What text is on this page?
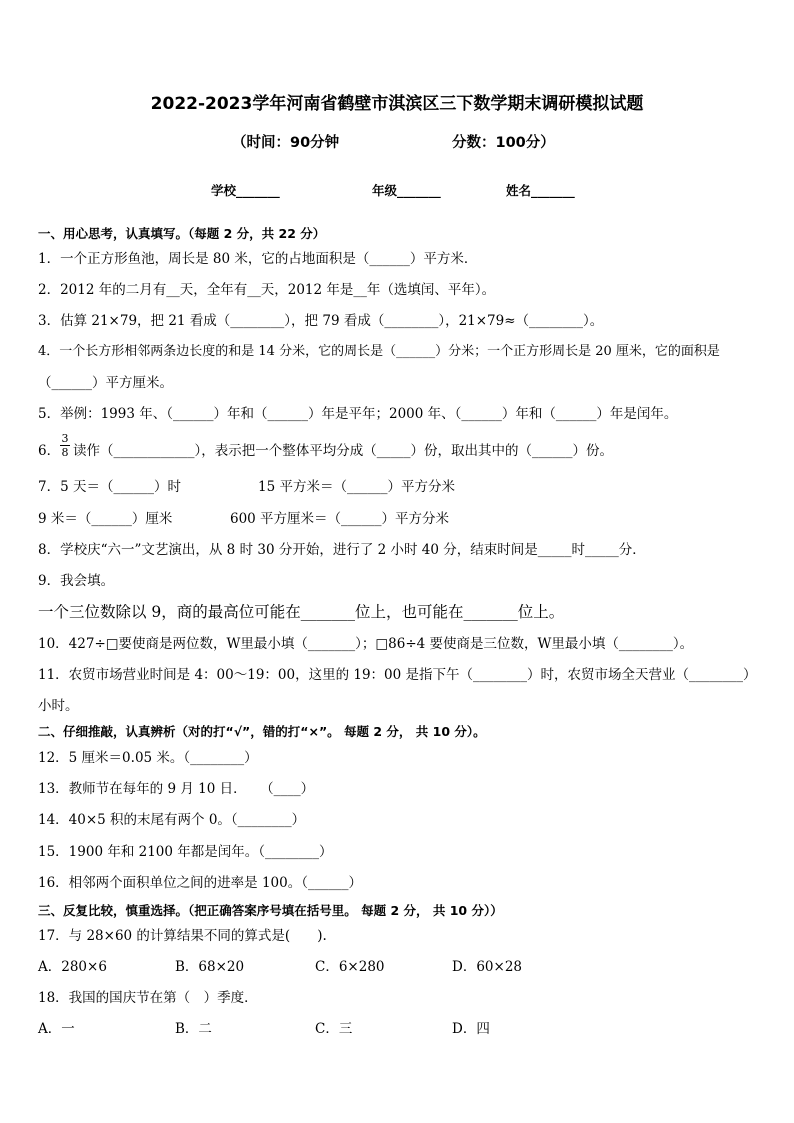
2022-2023学年河南省鹤壁市淇滨区三下数学期末调研模拟试题
（时间：90分钟	分数：100分）
学校_______	年级_______	姓名_______
一、用心思考，认真填写。（每题 2 分，共 22 分）
1．一个正方形鱼池，周长是 80 米，它的占地面积是（______）平方米．
2．2012 年的二月有__天，全年有__天，2012 年是__年（选填闰、平年）。
3．估算 21×79，把 21 看成（________），把 79 看成（________），21×79≈（________）。
4．一个长方形相邻两条边长度的和是 14 分米，它的周长是（______）分米；一个正方形周长是 20 厘米，它的面积是
（______）平方厘米。
5．举例：1993 年、（______）年和（______）年是平年；2000 年、（______）年和（______）年是闰年。
6．
3
8 读作（____________），表示把一个整体平均分成（_____）份，取出其中的（______）份。
7．5 天＝（______）时	15 平方米＝（______）平方分米
9 米＝（______）厘米	600 平方厘米＝（______）平方分米
8．学校庆“六一”文艺演出，从 8 时 30 分开始，进行了 2 小时 40 分，结束时间是_____时_____分．
9．我会填。
一个三位数除以 9，商的最高位可能在_______位上，也可能在_______位上。
10．427÷□要使商是两位数，W里最小填（_______）；□86÷4 要使商是三位数，W里最小填（________）。
11．农贸市场营业时间是 4：00～19：00，这里的 19：00 是指下午（________）时，农贸市场全天营业（________）
小时。
二、仔细推敲，认真辨析（对的打“√”，错的打“×”。 每题 2 分， 共 10 分）。
12．5 厘米＝0.05 米。（________）
13．教师节在每年的 9 月 10 日．　　（____）
14．40×5 积的末尾有两个 0。（________）
15．1900 年和 2100 年都是闰年。（________）
16．相邻两个面积单位之间的进率是 100。（______）
三、反复比较，慎重选择。（把正确答案序号填在括号里。 每题 2 分， 共 10 分））
17．与 28×60 的计算结果不同的算式是(　　).
A．280×6	B．68×20	C．6×280	D．60×28
18．我国的国庆节在第（　）季度．
A．一	B．二	C．三	D．四
